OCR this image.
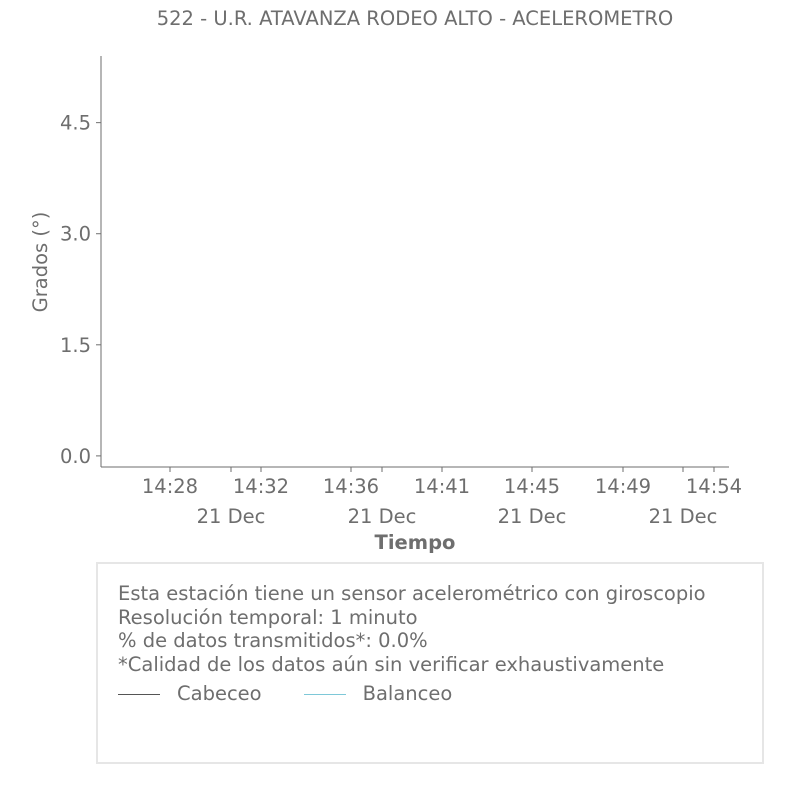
522 - U.R. ATAVANZA RODEO ALTO - ACELEROMETRO
0.0
1.5
3.0
4.5
14:28
21 Dec
14:32 14:36
21 Dec
14:41 14:45
21 Dec
14:49
21 Dec
14:54
Grados (°)
Tiempo
Esta estación tiene un sensor acelerométrico con giroscopio
Resolución temporal: 1 minuto
% de datos transmitidos*: 0.0%
*Calidad de los datos aún sin verificar exhaustivamente
Cabeceo	Balanceo
